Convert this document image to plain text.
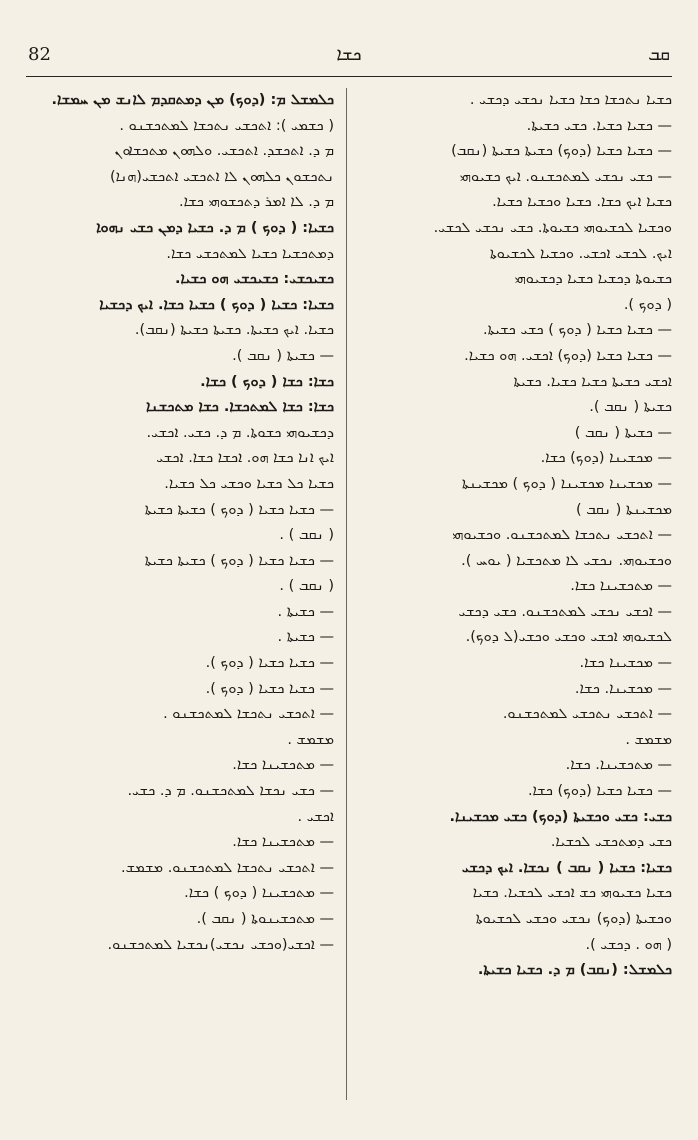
82	ܟܫܐ	ܩܒ

ܟܠܡܫܠ ܡ: (ܕܘܟ) ܡܢ ܕܡܬܩܕܡ ܠܐܢܫ ܡܢ ܚܡܫܐ.

( ܟܫܡܝ ): ܐܬܟܫܝ ܢܬܟܫܐ ܠܡܬܟܫܢܘ .

ܡ ܕ. ܐܬܟܫܕ. ܐܬܟܫܝ. ܘܠܗܘܢ ܡܬܟܫܐܘܢ

ܢܬܟܫܘܢ ܟܠܗܘܢ ܠܐ ܐܬܟܫܝ ܐܬܟܫܝ(ܗܢܐ)

ܡ ܕ. ܠܐ ܐܡܪ ܕܬܟܫܘܗܝ ܟܫܐ.

ܟܫܝܐ: ( ܕܘܟ ) ܡ ܕ. ܟܫܝܐ ܕܡܢ ܟܫܝ ܢܗܘܐ

ܕܡܬܟܫܝܐ ܟܫܝܐ ܠܡܬܟܫܝ ܟܫܐ.

ܟܫܝܟܫܝ: ܟܫܝܟܫܝ ܗܘ ܟܫܝܐ.

ܟܫܝܐ: ܟܫܝܐ ( ܕܘܟ ) ܟܫܝܐ ܟܫܐ. ܐܝܟ ܕܟܫܝܐ

ܟܫܝܐ. ܐܝܟ ܟܫܝܬܐ. ܟܫܝܬܐ ܟܫܝܬܐ (ܢܩܒ).

— ܟܫܝܬܐ ( ܢܩܒ ).

ܟܫܐ: ܟܫܐ ( ܕܘܟ ) ܟܫܐ.

ܟܫܐ: ܟܫܐ ܠܡܬܟܫܐ. ܟܫܐ ܡܬܟܫܢܐ

ܕܟܫܝܘܗܝ ܟܫܘܬܐ. ܡ ܕ. ܟܫܝ. ܐܟܫܝ.

ܐܝܟ ܐܢܐ ܟܫܐ ܗܘ. ܐܟܫܐ ܟܫܐ. ܐܟܫܝ

ܟܫܝܐ ܟܠ ܟܫܝܐ ܘܟܫܝ ܟܠ ܟܫܝܐ.

— ܟܫܝܐ ܟܫܝܐ ( ܕܘܟ ) ܟܫܝܬܐ ܟܫܝܬܐ

( ܢܩܒ ) .

— ܟܫܝܐ ܟܫܝܐ ( ܕܘܟ ) ܟܫܝܬܐ ܟܫܝܬܐ

( ܢܩܒ ) .

— ܟܫܝܬܐ .

— ܟܫܝܬܐ .

— ܟܫܝܐ ܟܫܝܐ ( ܕܘܟ ).

— ܟܫܝܐ ܟܫܝܐ ( ܕܘܟ ).

— ܐܬܟܫܝ ܢܬܟܫܐ ܠܡܬܟܫܢܘ .

ܡܫܡܫ .

— ܡܬܟܫܝܢܐ ܟܫܐ.

— ܟܫܝ ܢܟܫܐ ܠܡܬܟܫܢܘ. ܡ ܕ. ܟܫܝ.

ܐܟܫܝ .

— ܡܬܟܫܝܢܐ ܟܫܐ.

— ܐܬܟܫܝ ܢܬܟܫܐ ܠܡܬܟܫܢܘ. ܡܫܡܫ.

— ܡܬܟܫܝܢܐ ( ܕܘܟ ) ܟܫܐ.

— ܡܬܟܫܝܢܘܬܐ ( ܢܩܒ ).

— ܐܟܫܝ(ܘܟܫܝ ܢܟܫܝ)ܢܟܫܝܐ ܠܡܬܟܫܢܘ.

ܟܫܝܐ ܢܬܟܫܐ ܟܫܐ ܟܫܝܐ ܢܟܫܝ ܕܟܫܝ .

— ܟܫܝܐ ܟܫܝܐ. ܟܫܝ ܟܫܝܬܐ.

— ܟܫܝܐ ܟܫܝܐ (ܕܘܟ) ܟܫܝܬܐ ܟܫܝܬܐ (ܢܩܒ)

— ܟܫܝ ܢܟܫܝ ܠܡܬܟܫܢܘ. ܐܝܟ ܟܫܝܘܗܝ

ܟܫܝܐ ܐܝܟ ܟܫܐ. ܟܫܝܐ ܘܟܫܝܐ ܟܫܝܐ.

ܘܟܫܝܐ ܠܟܫܝܘܗܝ ܟܫܝܘܬܐ. ܟܫܝ ܢܟܫܝ ܠܟܫܝ.

ܐܝܟ. ܠܟܫܝ ܐܟܫܝ. ܘܟܫܝܐ ܠܟܫܝܘܬܐ

ܟܫܝܘܬܐ ܕܟܫܝܐ ܟܫܝܐ ܕܟܫܝܘܗܝ

( ܕܘܟ ).

— ܟܫܝܐ ܟܫܝܐ ( ܕܘܟ ) ܟܫܝ ܟܫܝܬܐ.

— ܟܫܝܐ ܟܫܝܐ (ܕܘܟ) ܐܟܫܝ. ܗܘ ܟܫܝܐ.

ܐܟܫܝ ܟܫܝܬܐ ܟܫܝܐ ܟܫܝܐ. ܟܫܝܬܐ

ܟܫܝܬܐ ( ܢܩܒ ).

— ܟܫܝܬܐ ( ܢܩܒ )

— ܡܟܫܝܢܐ (ܕܘܟ) ܟܫܐ.

— ܡܟܫܝܢܐ ܡܟܫܝܢܐ ( ܕܘܟ ) ܡܟܫܝܢܬܐ

ܡܟܫܝܢܬܐ ( ܢܩܒ )

— ܐܬܟܫܝ ܢܬܟܫܐ ܠܡܬܟܫܢܘ. ܘܟܫܝܘܗܝ

ܘܟܫܝܘܗܝ. ܢܟܫܝ ܠܐ ܡܬܟܫܝܐ ( ܝܘܚ ).

— ܡܬܟܫܝܢܐ ܟܫܐ.

— ܐܟܫܝ ܢܟܫܝ ܠܡܬܟܫܢܘ. ܟܫܝ ܕܟܫܝ

ܠܟܫܝܘܗܝ ܐܟܫܝ ܘܟܫܝ ܘܟܫܝ(ܠ ܕܘܟ).

— ܡܟܫܝܢܐ ܟܫܐ.

— ܡܟܫܝܢܐ. ܟܫܐ.

— ܐܬܟܫܝ ܢܬܟܫܝ ܠܡܬܟܫܢܘ.

ܡܫܡܫ .

— ܡܬܟܫܝܢܐ. ܟܫܐ.

— ܟܫܝܐ ܟܫܝܐ (ܕܘܟ) ܟܫܐ.

ܟܫܝ: ܟܫܝ ܘܟܫܝܬܐ (ܕܘܟ) ܟܫܝ ܡܟܫܝܢܐ.

ܟܫܝ ܕܡܬܟܫܝ ܠܟܫܝܐ.

ܟܫܝܐ: ܟܫܝܐ ( ܢܩܒ ) ܢܟܫܐ. ܐܝܟ ܕܟܫܝ

ܟܫܝܐ ܟܫܝܘܗܝ ܟܫ ܐܟܫܝ ܠܟܫܝܐ. ܟܫܝܐ

ܘܟܫܝܬܐ (ܕܘܟ) ܢܟܫܝ ܘܟܫܝ ܠܟܫܝܘܬܐ

( ܗܘ . ܕܟܫܝ ).

ܟܠܡܫܠ: (ܢܩܒ) ܡ ܕ. ܟܫܝܐ ܟܫܝܬܐ.
